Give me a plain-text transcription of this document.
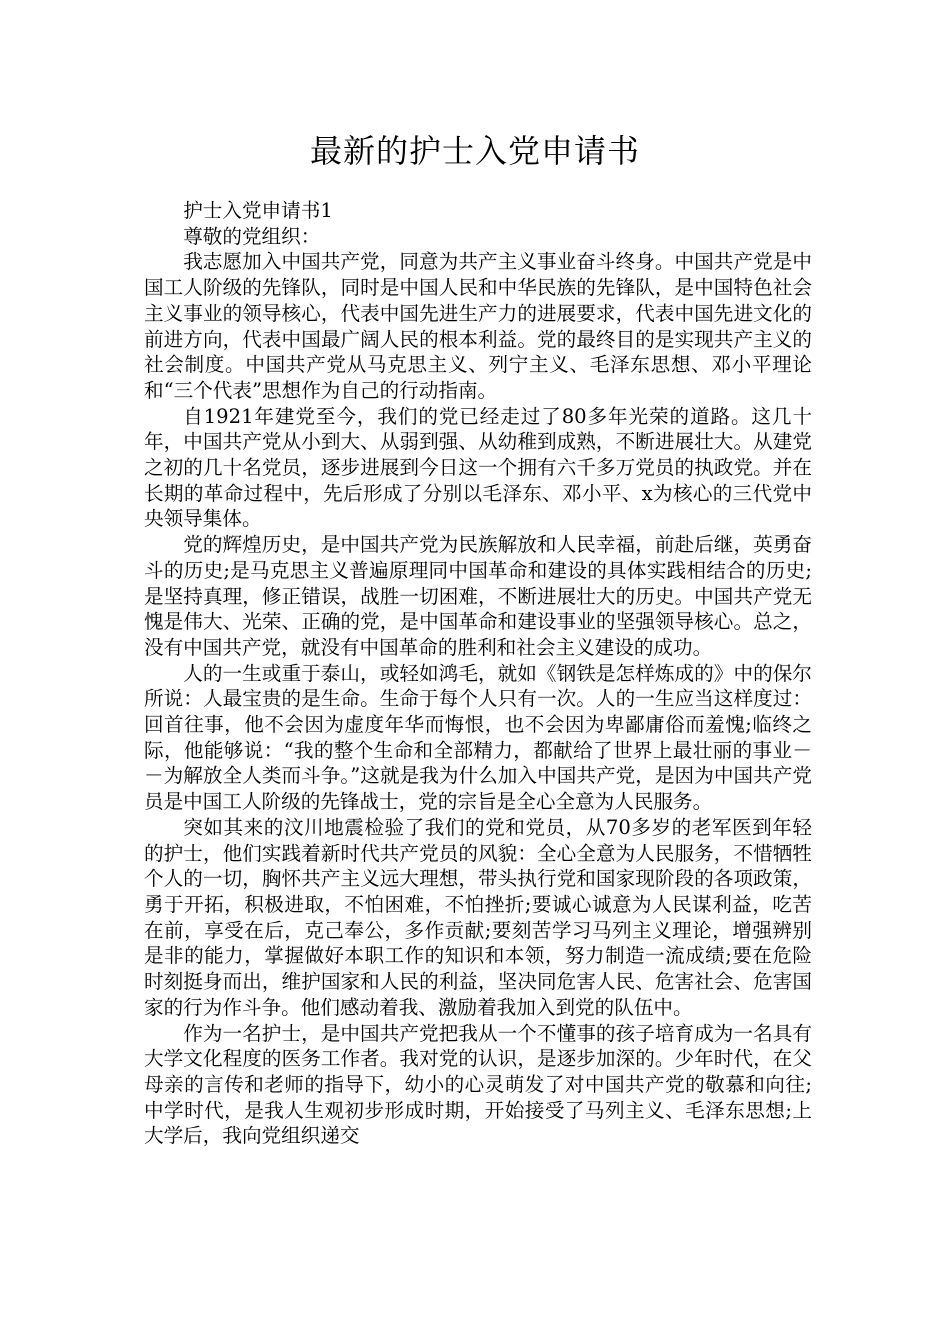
最新的护士入党申请书

护士入党申请书1

尊敬的党组织：

我志愿加入中国共产党，同意为共产主义事业奋斗终身。中国共产党是中国工人阶级的先锋队，同时是中国人民和中华民族的先锋队，是中国特色社会主义事业的领导核心，代表中国先进生产力的进展要求，代表中国先进文化的前进方向，代表中国最广阔人民的根本利益。党的最终目的是实现共产主义的社会制度。中国共产党从马克思主义、列宁主义、毛泽东思想、邓小平理论和“三个代表”思想作为自己的行动指南。

自1921年建党至今，我们的党已经走过了80多年光荣的道路。这几十年，中国共产党从小到大、从弱到强、从幼稚到成熟，不断进展壮大。从建党之初的几十名党员，逐步进展到今日这一个拥有六千多万党员的执政党。并在长期的革命过程中，先后形成了分别以毛泽东、邓小平、x为核心的三代党中央领导集体。

党的辉煌历史，是中国共产党为民族解放和人民幸福，前赴后继，英勇奋斗的历史;是马克思主义普遍原理同中国革命和建设的具体实践相结合的历史;是坚持真理，修正错误，战胜一切困难，不断进展壮大的历史。中国共产党无愧是伟大、光荣、正确的党，是中国革命和建设事业的坚强领导核心。总之，没有中国共产党，就没有中国革命的胜利和社会主义建设的成功。

人的一生或重于泰山，或轻如鸿毛，就如《钢铁是怎样炼成的》中的保尔所说：人最宝贵的是生命。生命于每个人只有一次。人的一生应当这样度过：回首往事，他不会因为虚度年华而悔恨，也不会因为卑鄙庸俗而羞愧;临终之际，他能够说：“我的整个生命和全部精力，都献给了世界上最壮丽的事业－－为解放全人类而斗争。”这就是我为什么加入中国共产党，是因为中国共产党员是中国工人阶级的先锋战士，党的宗旨是全心全意为人民服务。

突如其来的汶川地震检验了我们的党和党员，从70多岁的老军医到年轻的护士，他们实践着新时代共产党员的风貌：全心全意为人民服务，不惜牺牲个人的一切，胸怀共产主义远大理想，带头执行党和国家现阶段的各项政策，勇于开拓，积极进取，不怕困难，不怕挫折;要诚心诚意为人民谋利益，吃苦在前，享受在后，克己奉公，多作贡献;要刻苦学习马列主义理论，增强辨别是非的能力，掌握做好本职工作的知识和本领，努力制造一流成绩;要在危险时刻挺身而出，维护国家和人民的利益，坚决同危害人民、危害社会、危害国家的行为作斗争。他们感动着我、激励着我加入到党的队伍中。

作为一名护士，是中国共产党把我从一个不懂事的孩子培育成为一名具有大学文化程度的医务工作者。我对党的认识，是逐步加深的。少年时代，在父母亲的言传和老师的指导下，幼小的心灵萌发了对中国共产党的敬慕和向往;中学时代，是我人生观初步形成时期，开始接受了马列主义、毛泽东思想;上大学后，我向党组织递交
